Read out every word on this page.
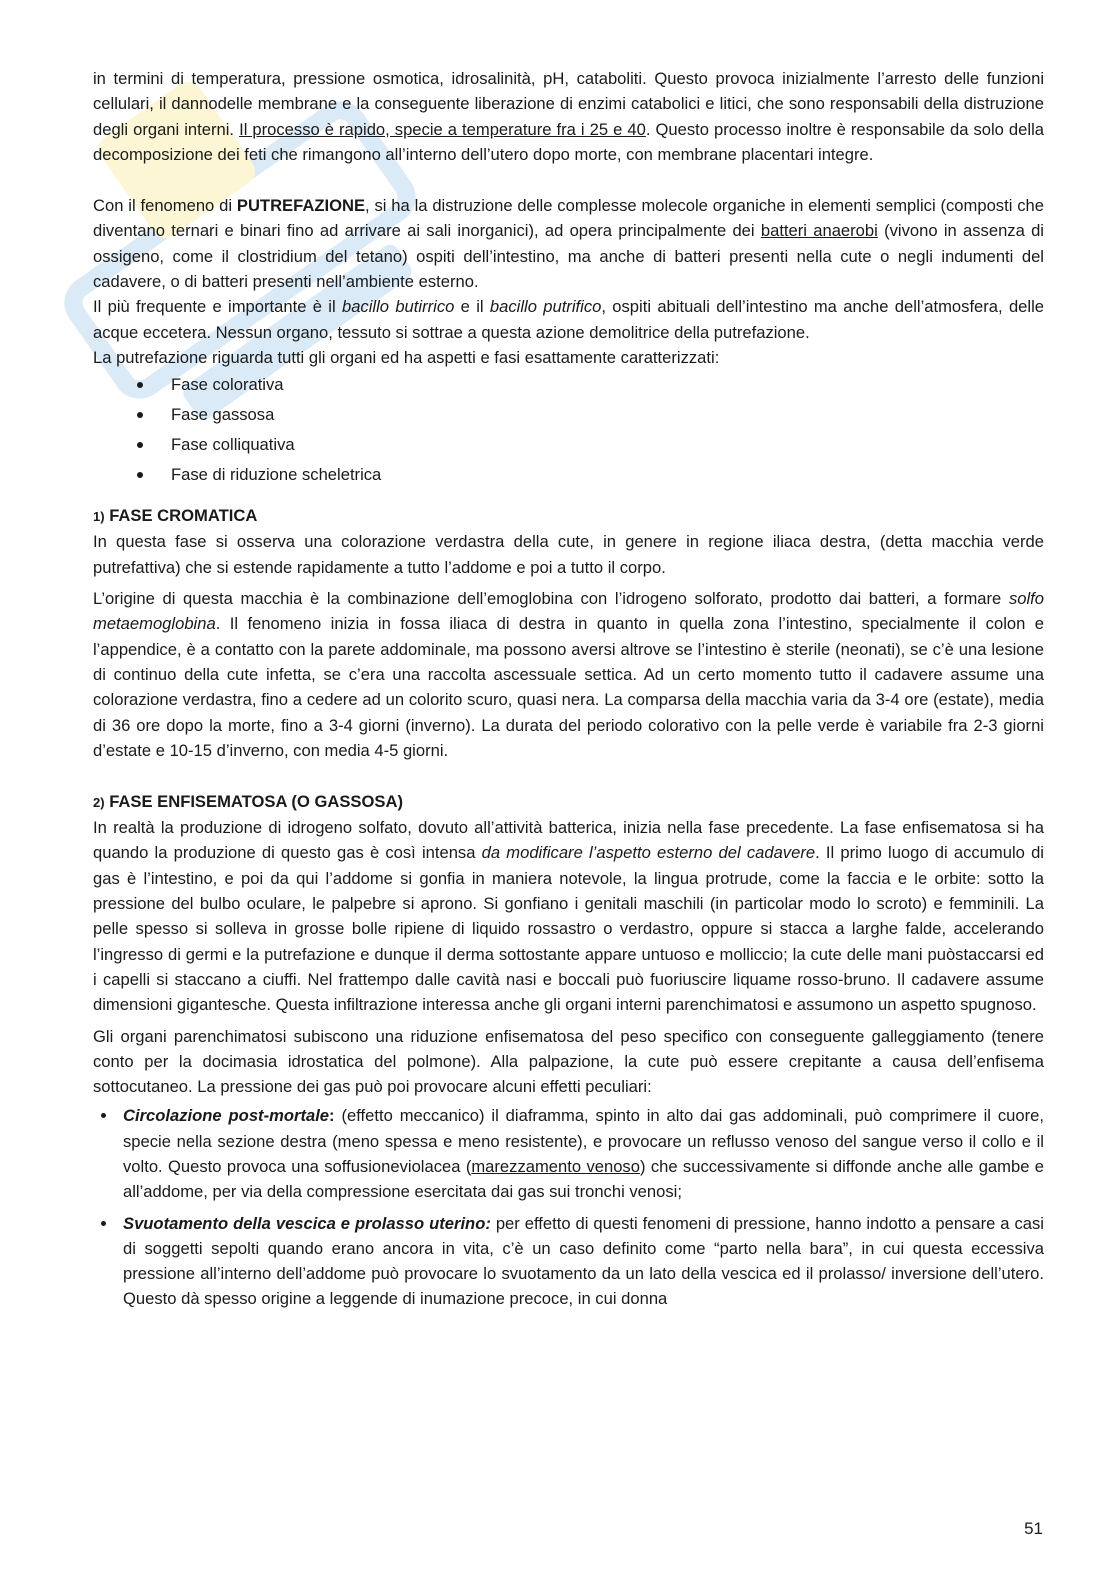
in termini di temperatura, pressione osmotica, idrosalinità, pH, cataboliti. Questo provoca inizialmente l’arresto delle funzioni cellulari, il dannodelle membrane e la conseguente liberazione di enzimi catabolici e litici, che sono responsabili della distruzione degli organi interni. Il processo è rapido, specie a temperature fra i 25 e 40. Questo processo inoltre è responsabile da solo della decomposizione dei feti che rimangono all’interno dell’utero dopo morte, con membrane placentari integre.

Con il fenomeno di PUTREFAZIONE, si ha la distruzione delle complesse molecole organiche in elementi semplici (composti che diventano ternari e binari fino ad arrivare ai sali inorganici), ad opera principalmente dei batteri anaerobi (vivono in assenza di ossigeno, come il clostridium del tetano) ospiti dell’intestino, ma anche di batteri presenti nella cute o negli indumenti del cadavere, o di batteri presenti nell’ambiente esterno.

Il più frequente e importante è il bacillo butirrico e il bacillo putrifico, ospiti abituali dell’intestino ma anche dell’atmosfera, delle acque eccetera. Nessun organo, tessuto si sottrae a questa azione demolitrice della putrefazione.

La putrefazione riguarda tutti gli organi ed ha aspetti e fasi esattamente caratterizzati:

Fase colorativa
Fase gassosa
Fase colliquativa
Fase di riduzione scheletrica

1) FASE CROMATICA

In questa fase si osserva una colorazione verdastra della cute, in genere in regione iliaca destra, (detta macchia verde putrefattiva) che si estende rapidamente a tutto l’addome e poi a tutto il corpo.

L’origine di questa macchia è la combinazione dell’emoglobina con l’idrogeno solforato, prodotto dai batteri, a formare solfo metaemoglobina. Il fenomeno inizia in fossa iliaca di destra in quanto in quella zona l’intestino, specialmente il colon e l’appendice, è a contatto con la parete addominale, ma possono aversi altrove se l’intestino è sterile (neonati), se c’è una lesione di continuo della cute infetta, se c’era una raccolta ascessuale settica. Ad un certo momento tutto il cadavere assume una colorazione verdastra, fino a cedere ad un colorito scuro, quasi nera. La comparsa della macchia varia da 3-4 ore (estate), media di 36 ore dopo la morte, fino a 3-4 giorni (inverno). La durata del periodo colorativo con la pelle verde è variabile fra 2-3 giorni d’estate e 10-15 d’inverno, con media 4-5 giorni.

2) FASE ENFISEMATOSA (O GASSOSA)

In realtà la produzione di idrogeno solfato, dovuto all’attività batterica, inizia nella fase precedente. La fase enfisematosa si ha quando la produzione di questo gas è così intensa da modificare l’aspetto esterno del cadavere. Il primo luogo di accumulo di gas è l’intestino, e poi da qui l’addome si gonfia in maniera notevole, la lingua protrude, come la faccia e le orbite: sotto la pressione del bulbo oculare, le palpebre si aprono. Si gonfiano i genitali maschili (in particolar modo lo scroto) e femminili. La pelle spesso si solleva in grosse bolle ripiene di liquido rossastro o verdastro, oppure si stacca a larghe falde, accelerando l’ingresso di germi e la putrefazione e dunque il derma sottostante appare untuoso e molliccio; la cute delle mani puòstaccarsi ed i capelli si staccano a ciuffi. Nel frattempo dalle cavità nasi e boccali può fuoriuscire liquame rosso-bruno. Il cadavere assume dimensioni gigantesche. Questa infiltrazione interessa anche gli organi interni parenchimatosi e assumono un aspetto spugnoso.

Gli organi parenchimatosi subiscono una riduzione enfisematosa del peso specifico con conseguente galleggiamento (tenere conto per la docimasia idrostatica del polmone). Alla palpazione, la cute può essere crepitante a causa dell’enfisema sottocutaneo. La pressione dei gas può poi provocare alcuni effetti peculiari:

Circolazione post-mortale: (effetto meccanico) il diaframma, spinto in alto dai gas addominali, può comprimere il cuore, specie nella sezione destra (meno spessa e meno resistente), e provocare un reflusso venoso del sangue verso il collo e il volto. Questo provoca una soffusioneviolacea (marezzamento venoso) che successivamente si diffonde anche alle gambe e all’addome, per via della compressione esercitata dai gas sui tronchi venosi;
Svuotamento della vescica e prolasso uterino: per effetto di questi fenomeni di pressione, hanno indotto a pensare a casi di soggetti sepolti quando erano ancora in vita, c’è un caso definito come “parto nella bara”, in cui questa eccessiva pressione all’interno dell’addome può provocare lo svuotamento da un lato della vescica ed il prolasso/ inversione dell’utero. Questo dà spesso origine a leggende di inumazione precoce, in cui donna
51
